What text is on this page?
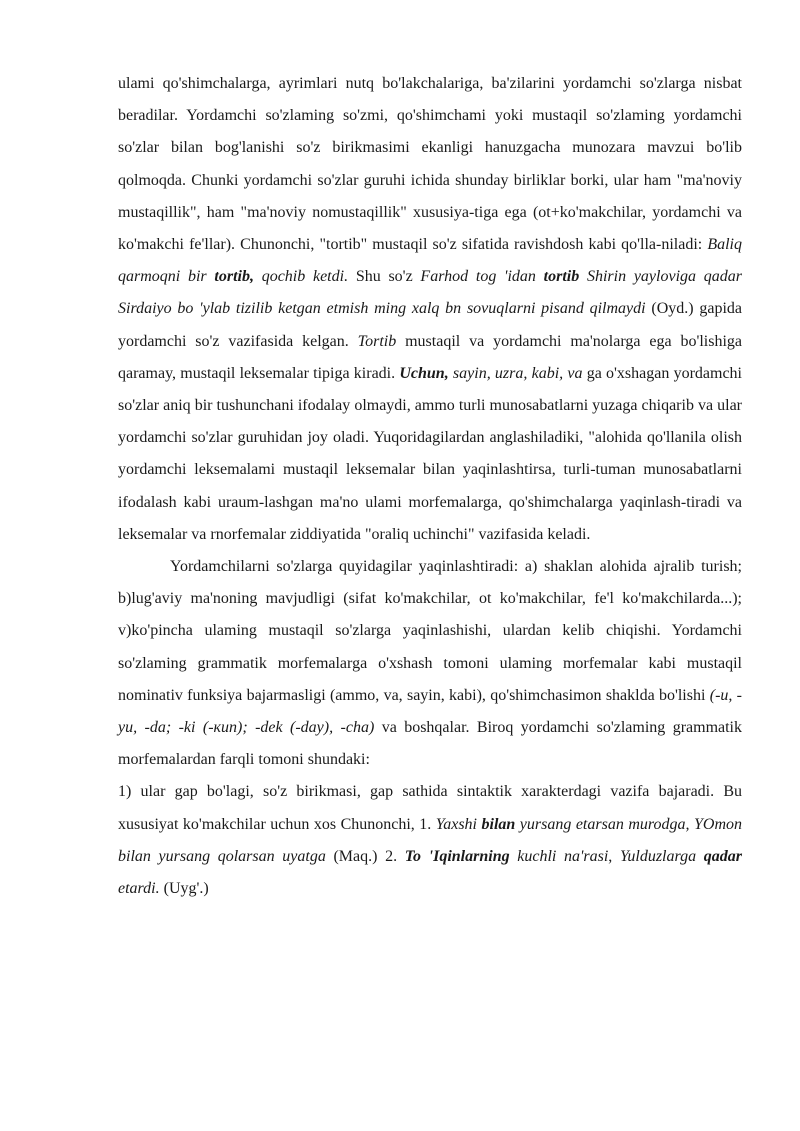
ulami qo'shimchalarga, ayrimlari nutq bo'lakchalariga, ba'zilarini yordamchi so'zlarga nisbat beradilar. Yordamchi so'zlaming so'zmi, qo'shimchami yoki mustaqil so'zlaming yordamchi so'zlar bilan bog'lanishi so'z birikmasimi ekanligi hanuzgacha munozara mavzui bo'lib qolmoqda. Chunki yordamchi so'zlar guruhi ichida shunday birliklar borki, ular ham "ma'noviy mustaqillik", ham "ma'noviy nomustaqillik" xususiya-tiga ega (ot+ko'makchilar, yordamchi va ko'makchi fe'llar). Chunonchi, "tortib" mustaqil so'z sifatida ravishdosh kabi qo'lla-niladi: Baliq qarmoqni bir tortib, qochib ketdi. Shu so'z Farhod tog 'idan tortib Shirin yayloviga qadar Sirdaiyo bo 'ylab tizilib ketgan etmish ming xalq bn sovuqlarni pisand qilmaydi (Oyd.) gapida yordamchi so'z vazifasida kelgan. Tortib mustaqil va yordamchi ma'nolarga ega bo'lishiga qaramay, mustaqil leksemalar tipiga kiradi. Uchun, sayin, uzra, kabi, va ga o'xshagan yordamchi so'zlar aniq bir tushunchani ifodalay olmaydi, ammo turli munosabatlarni yuzaga chiqarib va ular yordamchi so'zlar guruhidan joy oladi. Yuqoridagilardan anglashiladiki, "alohida qo'llanila olish yordamchi leksemalami mustaqil leksemalar bilan yaqinlashtirsa, turli-tuman munosabatlarni ifodalash kabi uraum-lashgan ma'no ulami morfemalarga, qo'shimchalarga yaqinlash-tiradi va leksemalar va rnorfemalar ziddiyatida "oraliq uchinchi" vazifasida keladi.

Yordamchilarni so'zlarga quyidagilar yaqinlashtiradi: a) shaklan alohida ajralib turish; b)lug'aviy ma'noning mavjudligi (sifat ko'makchilar, ot ko'makchilar, fe'l ko'makchilarda...); v)ko'pincha ulaming mustaqil so'zlarga yaqinlashishi, ulardan kelib chiqishi. Yordamchi so'zlaming grammatik morfemalarga o'xshash tomoni ulaming morfemalar kabi mustaqil nominativ funksiya bajarmasligi (ammo, va, sayin, kabi), qo'shimchasimon shaklda bo'lishi (-u, -yu, -da; -ki (-кип); -dek (-day), -cha) va boshqalar. Biroq yordamchi so'zlaming grammatik morfemalardan farqli tomoni shundaki:

1) ular gap bo'lagi, so'z birikmasi, gap sathida sintaktik xarakterdagi vazifa bajaradi. Bu xususiyat ko'makchilar uchun xos Chunonchi, 1. Yaxshi bilan yursang etarsan murodga, YOmon bilan yursang qolarsan uyatga (Maq.) 2. To 'Iqinlarning kuchli na'rasi, Yulduzlarga qadar etardi. (Uyg'.)
